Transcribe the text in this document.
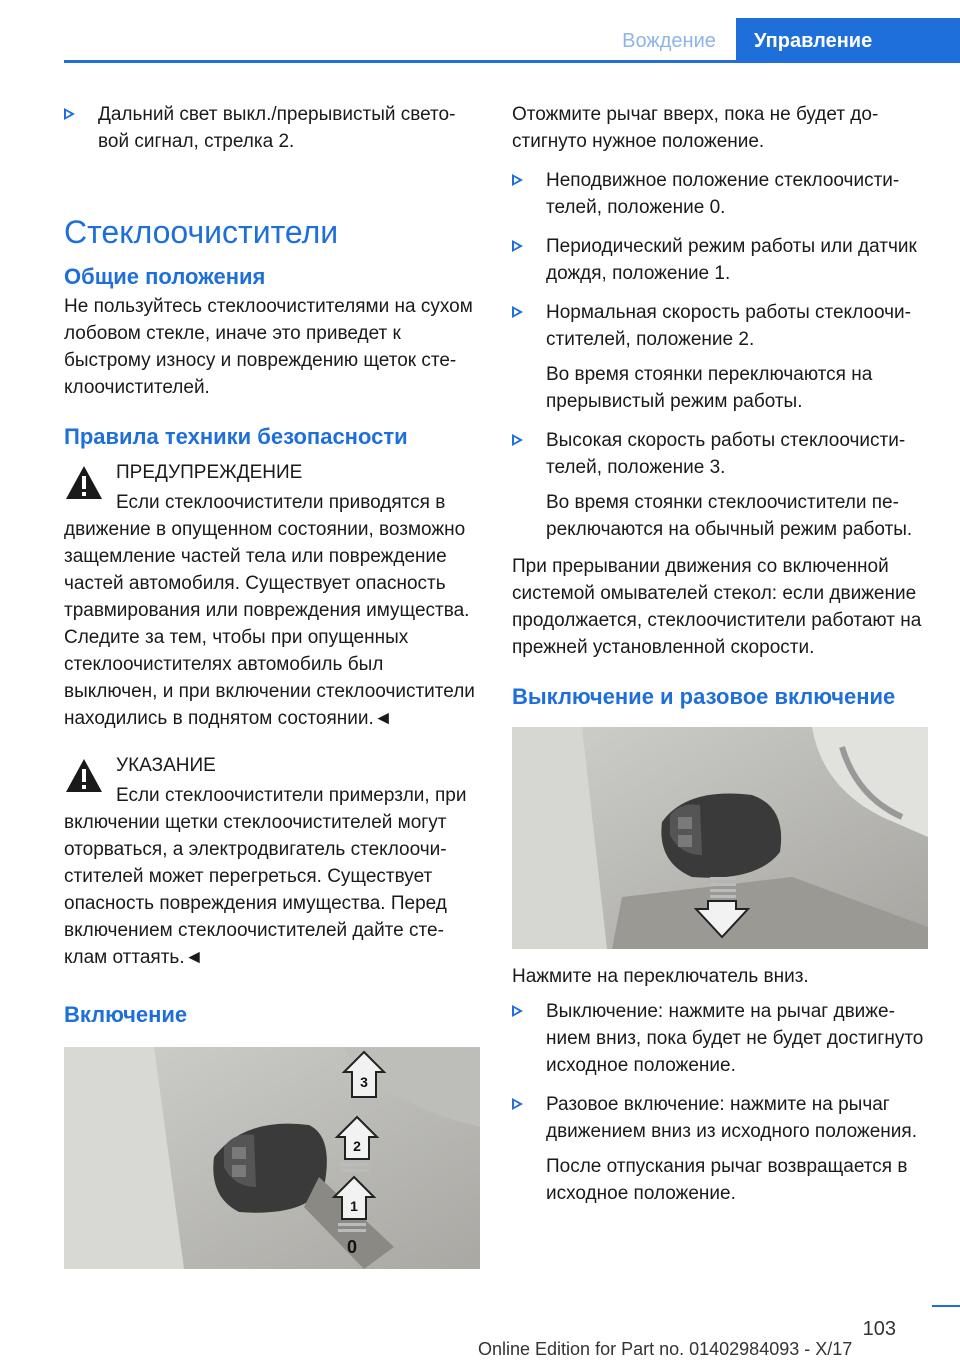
Вождение	Управление
Дальний свет выкл./прерывистый световой сигнал, стрелка 2.
Стеклоочистители
Общие положения

Не пользуйтесь стеклоочистителями на сухом лобовом стекле, иначе это приведет к быстрому износу и повреждению щеток стеклоочистителей.

Правила техники безопасности

ПРЕДУПРЕЖДЕНИЕ

Если стеклоочистители приводятся в

движение в опущенном состоянии, возможно защемление частей тела или повреждение частей автомобиля. Существует опасность травмирования или повреждения имущества. Следите за тем, чтобы при опущенных стеклоочистителях автомобиль был выключен, и при включении стеклоочистители находились в поднятом состоянии.◄

УКАЗАНИЕ

Если стеклоочистители примерзли, при

включении щетки стеклоочистителей могут оторваться, а электродвигатель стеклоочистителей может перегреться. Существует опасность повреждения имущества. Перед включением стеклоочистителей дайте стеклам оттаять.◄

Включение
3
2
1
0

Отожмите рычаг вверх, пока не будет достигнуто нужное положение.

Неподвижное положение стеклоочистителей, положение 0.
Периодический режим работы или датчик дождя, положение 1.
Нормальная скорость работы стеклоочистителей, положение 2.

Во время стоянки переключаются на прерывистый режим работы.

Высокая скорость работы стеклоочистителей, положение 3.

Во время стоянки стеклоочистители переключаются на обычный режим работы.

При прерывании движения со включенной системой омывателей стекол: если движение продолжается, стеклоочистители работают на прежней установленной скорости.

Выключение и разовое включение

Нажмите на переключатель вниз.

Выключение: нажмите на рычаг движением вниз, пока будет не будет достигнуто исходное положение.
Разовое включение: нажмите на рычаг движением вниз из исходного положения.

После отпускания рычаг возвращается в исходное положение.

103
Online Edition for Part no. 01402984093 - X/17
